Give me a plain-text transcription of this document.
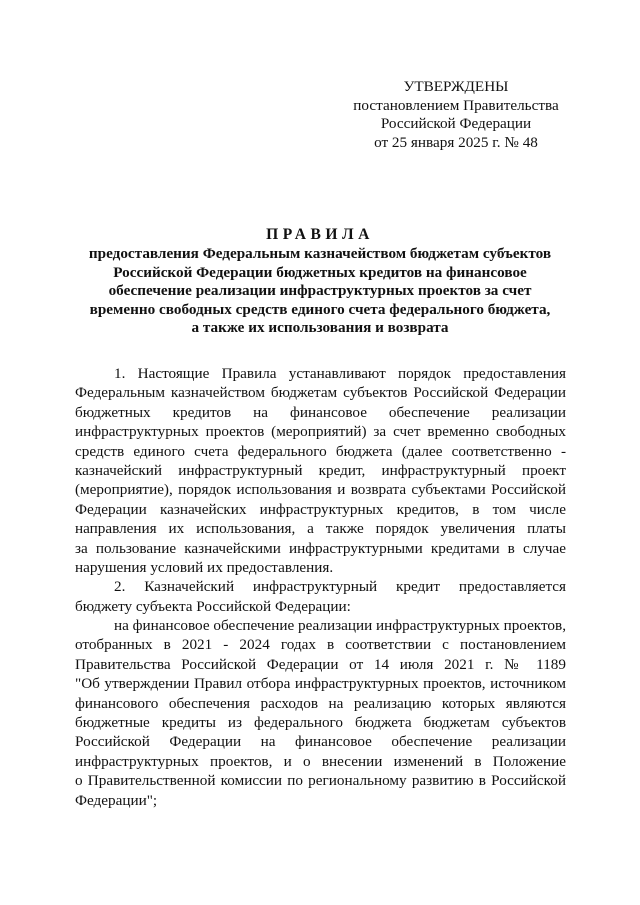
УТВЕРЖДЕНЫ
постановлением Правительства
Российской Федерации
от 25 января 2025 г. № 48
ПРАВИЛА
предоставления Федеральным казначейством бюджетам субъектов
Российской Федерации бюджетных кредитов на финансовое
обеспечение реализации инфраструктурных проектов за счет
временно свободных средств единого счета федерального бюджета,
а также их использования и возврата
1. Настоящие Правила устанавливают порядок предоставления
Федеральным казначейством бюджетам субъектов Российской Федерации
бюджетных кредитов на финансовое обеспечение реализации
инфраструктурных проектов (мероприятий) за счет временно свободных
средств единого счета федерального бюджета (далее соответственно -
казначейский инфраструктурный кредит, инфраструктурный проект
(мероприятие), порядок использования и возврата субъектами Российской
Федерации казначейских инфраструктурных кредитов, в том числе
направления их использования, а также порядок увеличения платы
за пользование казначейскими инфраструктурными кредитами в случае
нарушения условий их предоставления.
2. Казначейский инфраструктурный кредит предоставляется
бюджету субъекта Российской Федерации:
на финансовое обеспечение реализации инфраструктурных проектов,
отобранных в 2021 - 2024 годах в соответствии с постановлением
Правительства Российской Федерации от 14 июля 2021 г. № 1189
"Об утверждении Правил отбора инфраструктурных проектов, источником
финансового обеспечения расходов на реализацию которых являются
бюджетные кредиты из федерального бюджета бюджетам субъектов
Российской Федерации на финансовое обеспечение реализации
инфраструктурных проектов, и о внесении изменений в Положение
о Правительственной комиссии по региональному развитию в Российской
Федерации";
